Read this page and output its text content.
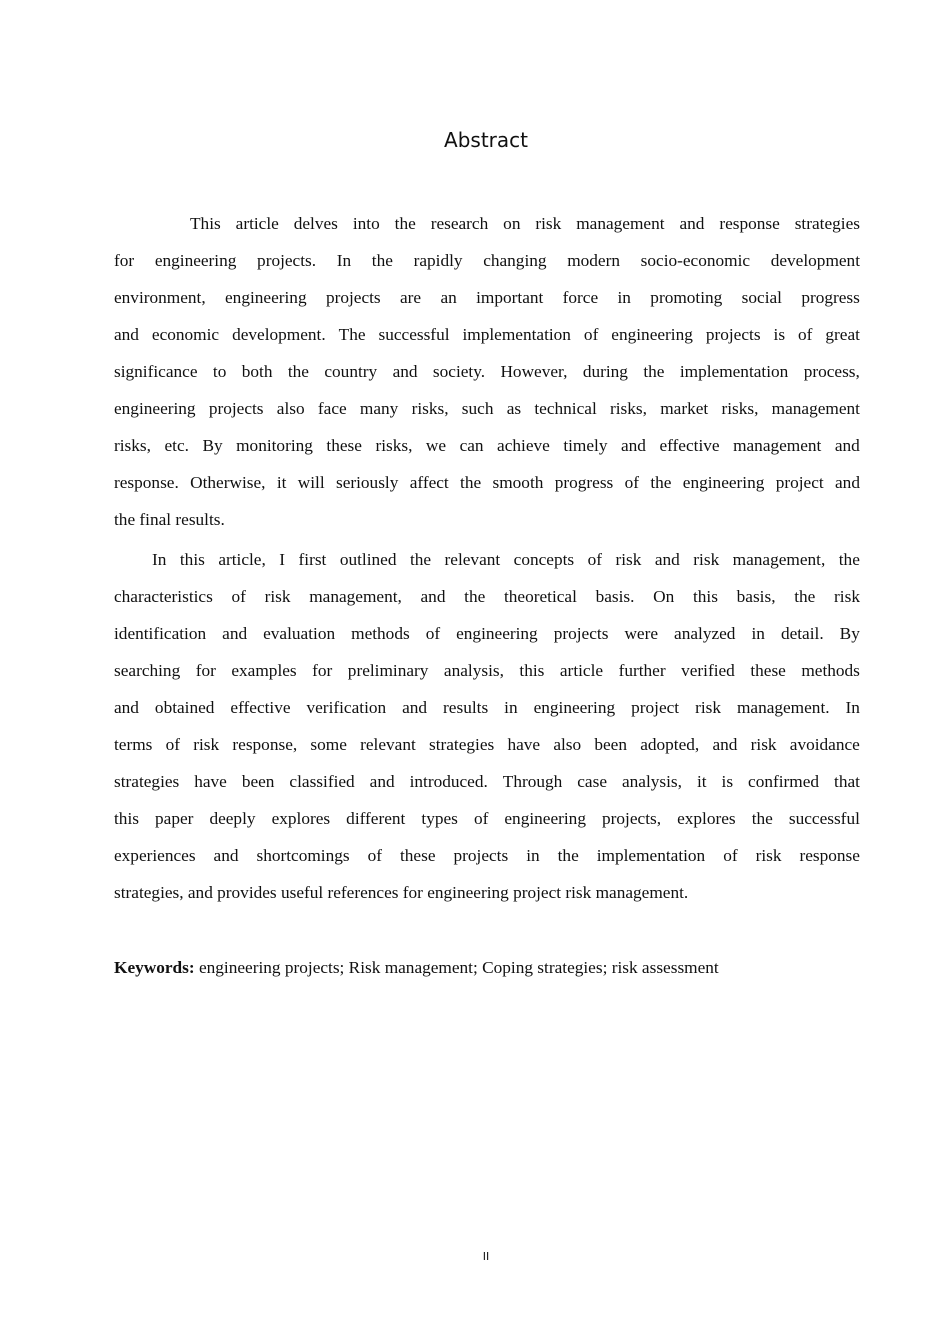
Abstract
This article delves into the research on risk management and response strategies
for engineering projects. In the rapidly changing modern socio-economic development
environment, engineering projects are an important force in promoting social progress
and economic development. The successful implementation of engineering projects is of great
significance to both the country and society. However, during the implementation process,
engineering projects also face many risks, such as technical risks, market risks, management
risks, etc. By monitoring these risks, we can achieve timely and effective management and
response. Otherwise, it will seriously affect the smooth progress of the engineering project and
the final results.
In this article, I first outlined the relevant concepts of risk and risk management, the
characteristics of risk management, and the theoretical basis. On this basis, the risk
identification and evaluation methods of engineering projects were analyzed in detail. By
searching for examples for preliminary analysis, this article further verified these methods
and obtained effective verification and results in engineering project risk management. In
terms of risk response, some relevant strategies have also been adopted, and risk avoidance
strategies have been classified and introduced. Through case analysis, it is confirmed that
this paper deeply explores different types of engineering projects, explores the successful
experiences and shortcomings of these projects in the implementation of risk response
strategies, and provides useful references for engineering project risk management.
Keywords: engineering projects; Risk management; Coping strategies; risk assessment
II
